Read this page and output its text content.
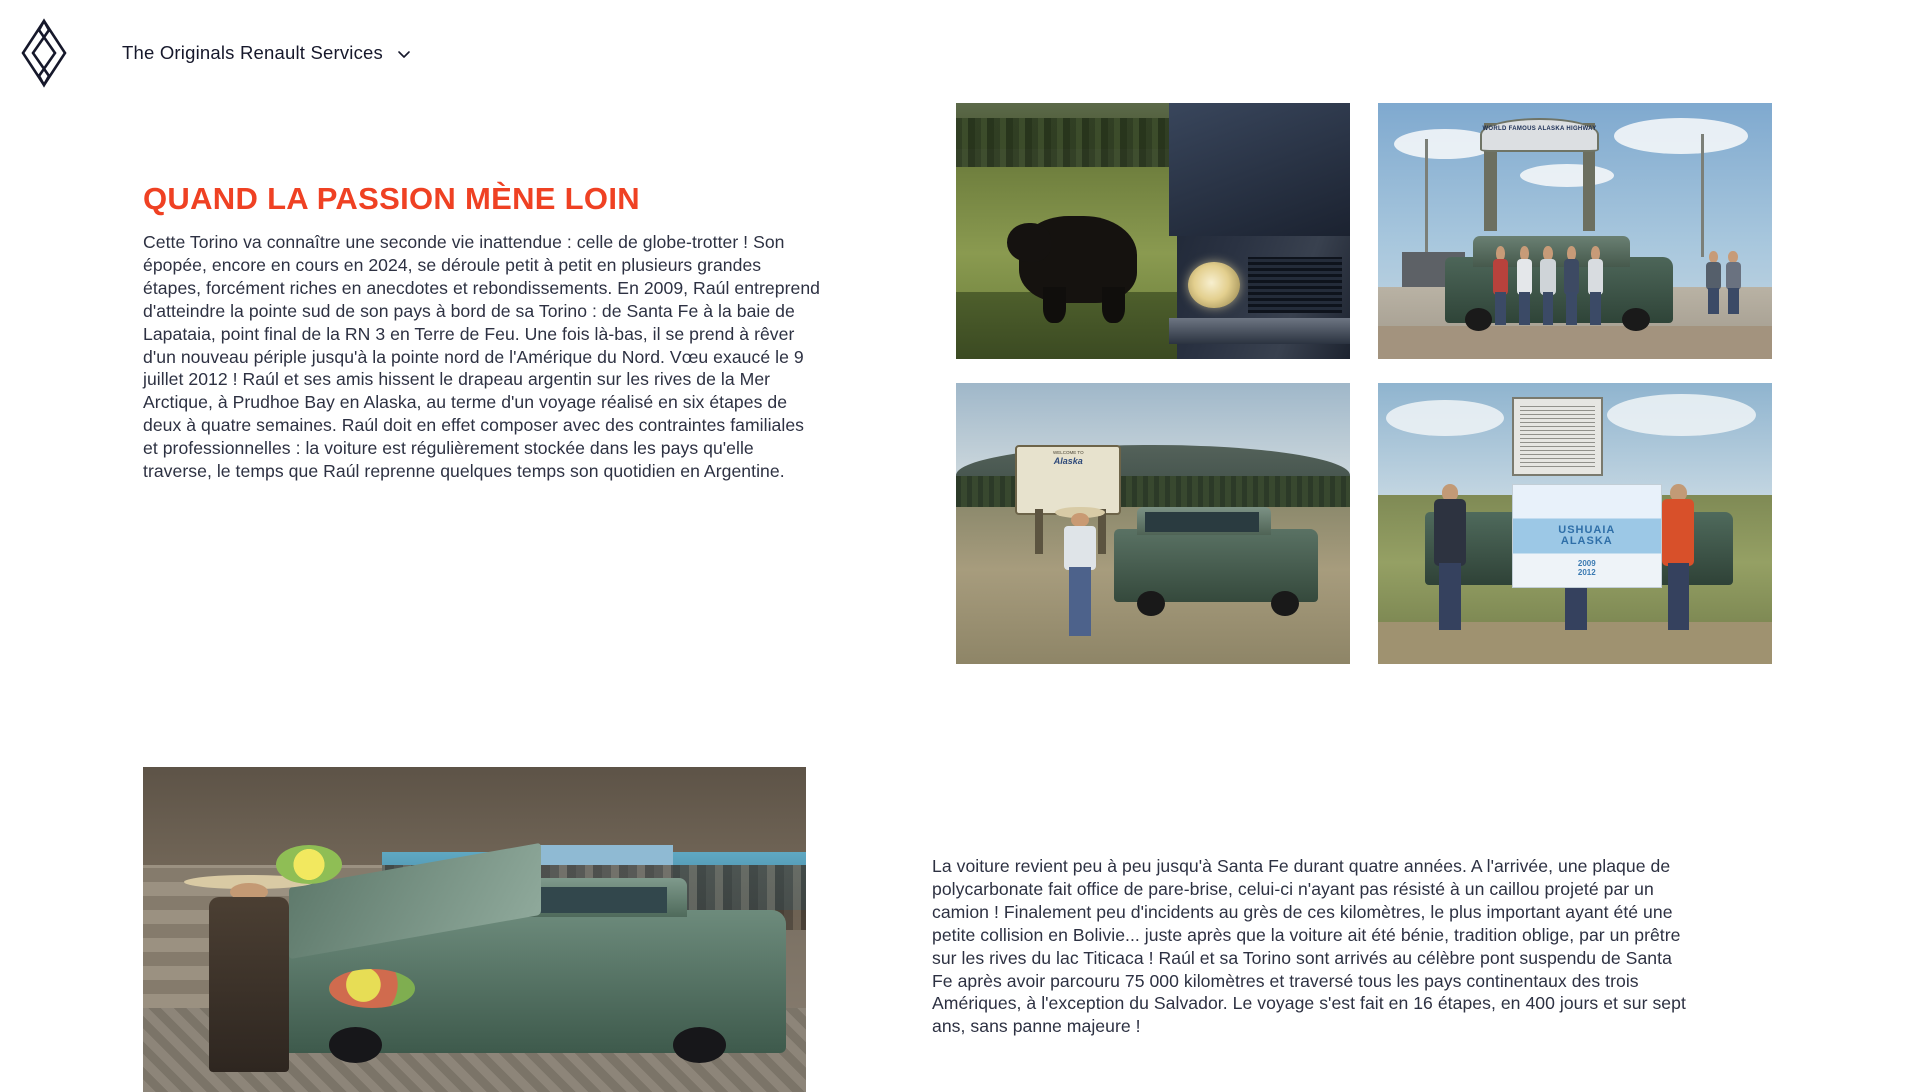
The Originals Renault Services
QUAND LA PASSION MÈNE LOIN

Cette Torino va connaître une seconde vie inattendue : celle de globe-trotter ! Son épopée, encore en cours en 2024, se déroule petit à petit en plusieurs grandes étapes, forcément riches en anecdotes et rebondissements. En 2009, Raúl entreprend d'atteindre la pointe sud de son pays à bord de sa Torino : de Santa Fe à la baie de Lapataia, point final de la RN 3 en Terre de Feu. Une fois là-bas, il se prend à rêver d'un nouveau périple jusqu'à la pointe nord de l'Amérique du Nord. Vœu exaucé le 9 juillet 2012 ! Raúl et ses amis hissent le drapeau argentin sur les rives de la Mer Arctique, à Prudhoe Bay en Alaska, au terme d'un voyage réalisé en six étapes de deux à quatre semaines. Raúl doit en effet composer avec des contraintes familiales et professionnelles : la voiture est régulièrement stockée dans les pays qu'elle traverse, le temps que Raúl reprenne quelques temps son quotidien en Argentine.

La voiture revient peu à peu jusqu'à Santa Fe durant quatre années. A l'arrivée, une plaque de polycarbonate fait office de pare-brise, celui-ci n'ayant pas résisté à un caillou projeté par un camion ! Finalement peu d'incidents au grès de ces kilomètres, le plus important ayant été une petite collision en Bolivie... juste après que la voiture ait été bénie, tradition oblige, par un prêtre sur les rives du lac Titicaca ! Raúl et sa Torino sont arrivés au célèbre pont suspendu de Santa Fe après avoir parcouru 75 000 kilomètres et traversé tous les pays continentaux des trois Amériques, à l'exception du Salvador. Le voyage s'est fait en 16 étapes, en 400 jours et sur sept ans, sans panne majeure !

WORLD FAMOUS ALASKA HIGHWAY
WELCOME TO
Alaska
USHUAIA
ALASKA
2009
2012
